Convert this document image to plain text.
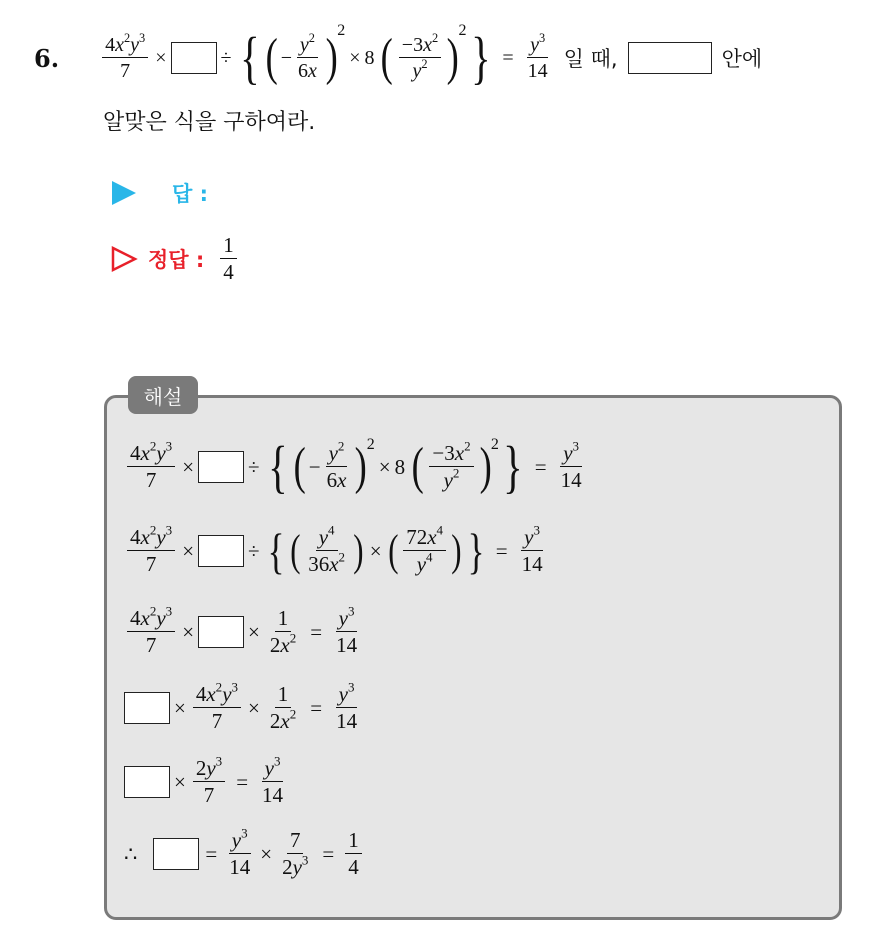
6. $\frac{4x^2y^3}{7}$ ×	÷ { ( − $\frac{y^2}{6x}$ ) 2
× 8 ( $\frac{-3x^2}{y^2}$ ) 2 } = $\frac{y^3}{14}$ 일 때,	안에
알맞은 식을 구하여라.
답 :
정답 : $\frac{1}{4}$
해설
$\frac{4x^2y^3}{7}$ ×	÷ { ( − $\frac{y^2}{6x}$ ) 2
× 8 ( $\frac{-3x^2}{y^2}$ ) 2 } = $\frac{y^3}{14}$
$\frac{4x^2y^3}{7}$ ×	÷ { ( $\frac{y^4}{36x^2}$ ) × ( $\frac{72x^4}{y^4}$ ) } = $\frac{y^3}{14}$
$\frac{4x^2y^3}{7}$ ×	× $\frac{1}{2x^2} = \frac{y^3}{14}$
× $\frac{4x^2y^3}{7} \times \frac{1}{2x^2} = \frac{y^3}{14}$
× $\frac{2y^3}{7} = \frac{y^3}{14}$
∴	= $\frac{y^3}{14} \times \frac{7}{2y^3} = \frac{1}{4}$
